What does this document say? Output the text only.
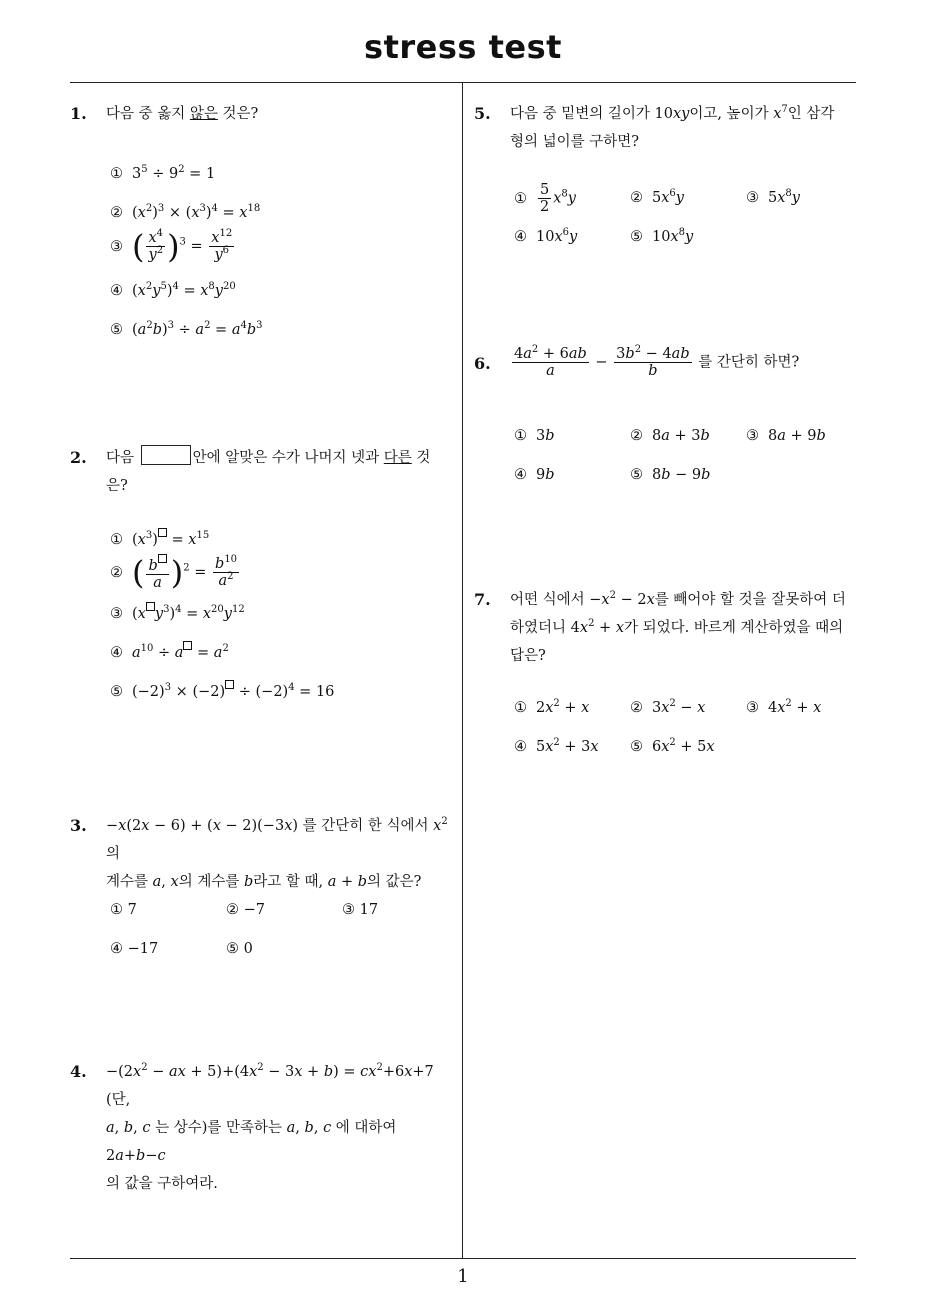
stress test
1
1. 다음 중 옳지 않은 것은?
① $3^5 \div 9^2 = 1$
② $(x^2)^3 \times (x^3)^4 = x^{18}$
③ ( $\frac{x^4}{y^2} )^3 = \frac{x^{12}}{y^6}$
④ $(x^2y^5)^4 = x^8y^{20}$
⑤ $(a^2b)^3 \div a^2 = a^4b^3$
2. 다음	안에 알맞은 수가 나머지 넷과 다른 것
은?
① $(x^3) = x^{15}$
② ( $\frac{b}{a} )^2 = \frac{b^{10}}{a^2}$
③ (x $y^3)^4 = x^{20}y^{12}$
④ $a^{10} \div a = a^2$
⑤ $(-2)^3 \times (-2) \div (-2)^4 = 16$
3. −x(2x − 6) + (x − 2)(−3x) 를 간단히 한 식에서 $x^2$ 의
계수를 a, x의 계수를 b라고 할 때, a + b의 값은?
① 7	② −7	③ 17
④ −17	⑤ 0
4. $-(2x^2$ − ax + $5)+(4x^2 - 3x + b) = cx^2+6x+7$ (단,
a, b, c 는 상수)를 만족하는 a, b, c 에 대하여 2a+b−c
의 값을 구하여라.
5. 다음 중 밑변의 길이가 10xy이고, 높이가 $x^7$인 삼각
형의 넓이를 구하면?
① $\frac{5}{2} x^8y$	② $5x^6y$	③ $5x^8y$
④ $10x^6y$	⑤ $10x^8y$
6. $\frac{4a^2 + 6ab}{a} - \frac{3b^2 - 4ab}{b}$ 를 간단히 하면?
① 3b	② 8a + 3b ③ 8a + 9b
④ 9b	⑤ 8b − 9b
7. 어떤 식에서 $-x^2 - 2x$를 빼어야 할 것을 잘못하여 더
하였더니 $4x^2 + x$가 되었다. 바르게 계산하였을 때의
답은?
① $2x^2 + x$	② $3x^2 - x$	③ $4x^2 + x$
④ $5x^2 + 3x$ ⑤ $6x^2 + 5x$
